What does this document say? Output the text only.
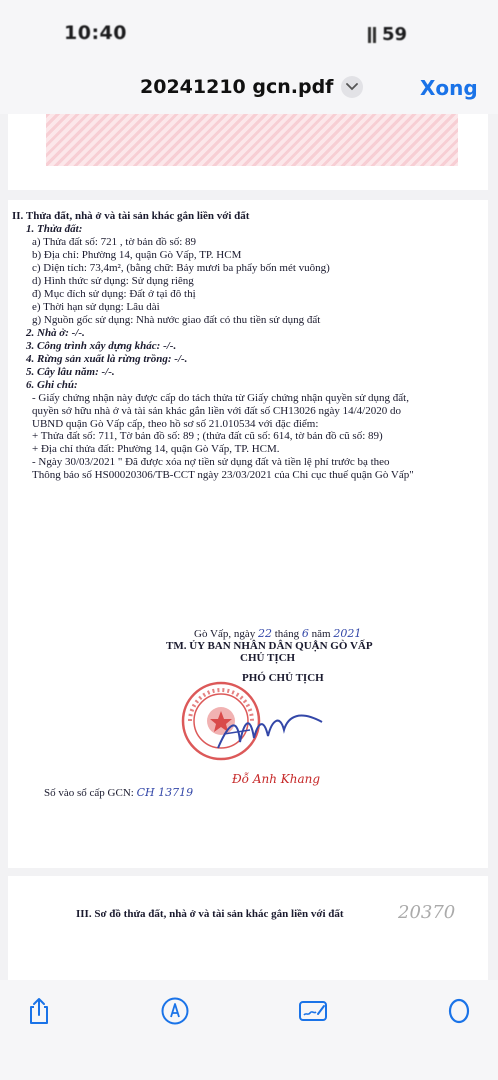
10:40	59
20241210 gcn.pdf	Xong
II. Thửa đất, nhà ở và tài sản khác gắn liền với đất
1. Thửa đất:
a) Thửa đất số: 721 , tờ bản đồ số: 89
b) Địa chỉ: Phường 14, quận Gò Vấp, TP. HCM
c) Diện tích: 73,4m², (bằng chữ: Bảy mươi ba phẩy bốn mét vuông)
d) Hình thức sử dụng: Sử dụng riêng
đ) Mục đích sử dụng: Đất ở tại đô thị
e) Thời hạn sử dụng: Lâu dài
g) Nguồn gốc sử dụng: Nhà nước giao đất có thu tiền sử dụng đất
2. Nhà ở: -/-.
3. Công trình xây dựng khác: -/-.
4. Rừng sản xuất là rừng trồng: -/-.
5. Cây lâu năm: -/-.
6. Ghi chú:
- Giấy chứng nhận này được cấp do tách thửa từ Giấy chứng nhận quyền sử dụng đất,
quyền sở hữu nhà ở và tài sản khác gắn liền với đất số CH13026 ngày 14/4/2020 do
UBND quận Gò Vấp cấp, theo hồ sơ số 21.010534 với đặc điểm:
+ Thửa đất số: 711, Tờ bản đồ số: 89 ; (thửa đất cũ số: 614, tờ bản đồ cũ số: 89)
+ Địa chỉ thửa đất: Phường 14, quận Gò Vấp, TP. HCM.
- Ngày 30/03/2021 " Đã được xóa nợ tiền sử dụng đất và tiền lệ phí trước bạ theo
Thông báo số HS00020306/TB-CCT ngày 23/03/2021 của Chi cục thuế quận Gò Vấp"
Gò Vấp, ngày 22 tháng 6 năm 2021
TM. ỦY BAN NHÂN DÂN QUẬN GÒ VẤP
CHỦ TỊCH
PHÓ CHỦ TỊCH
Đỗ Anh Khang
Số vào sổ cấp GCN: CH 13719
III. Sơ đồ thửa đất, nhà ở và tài sản khác gắn liền với đất	20370
